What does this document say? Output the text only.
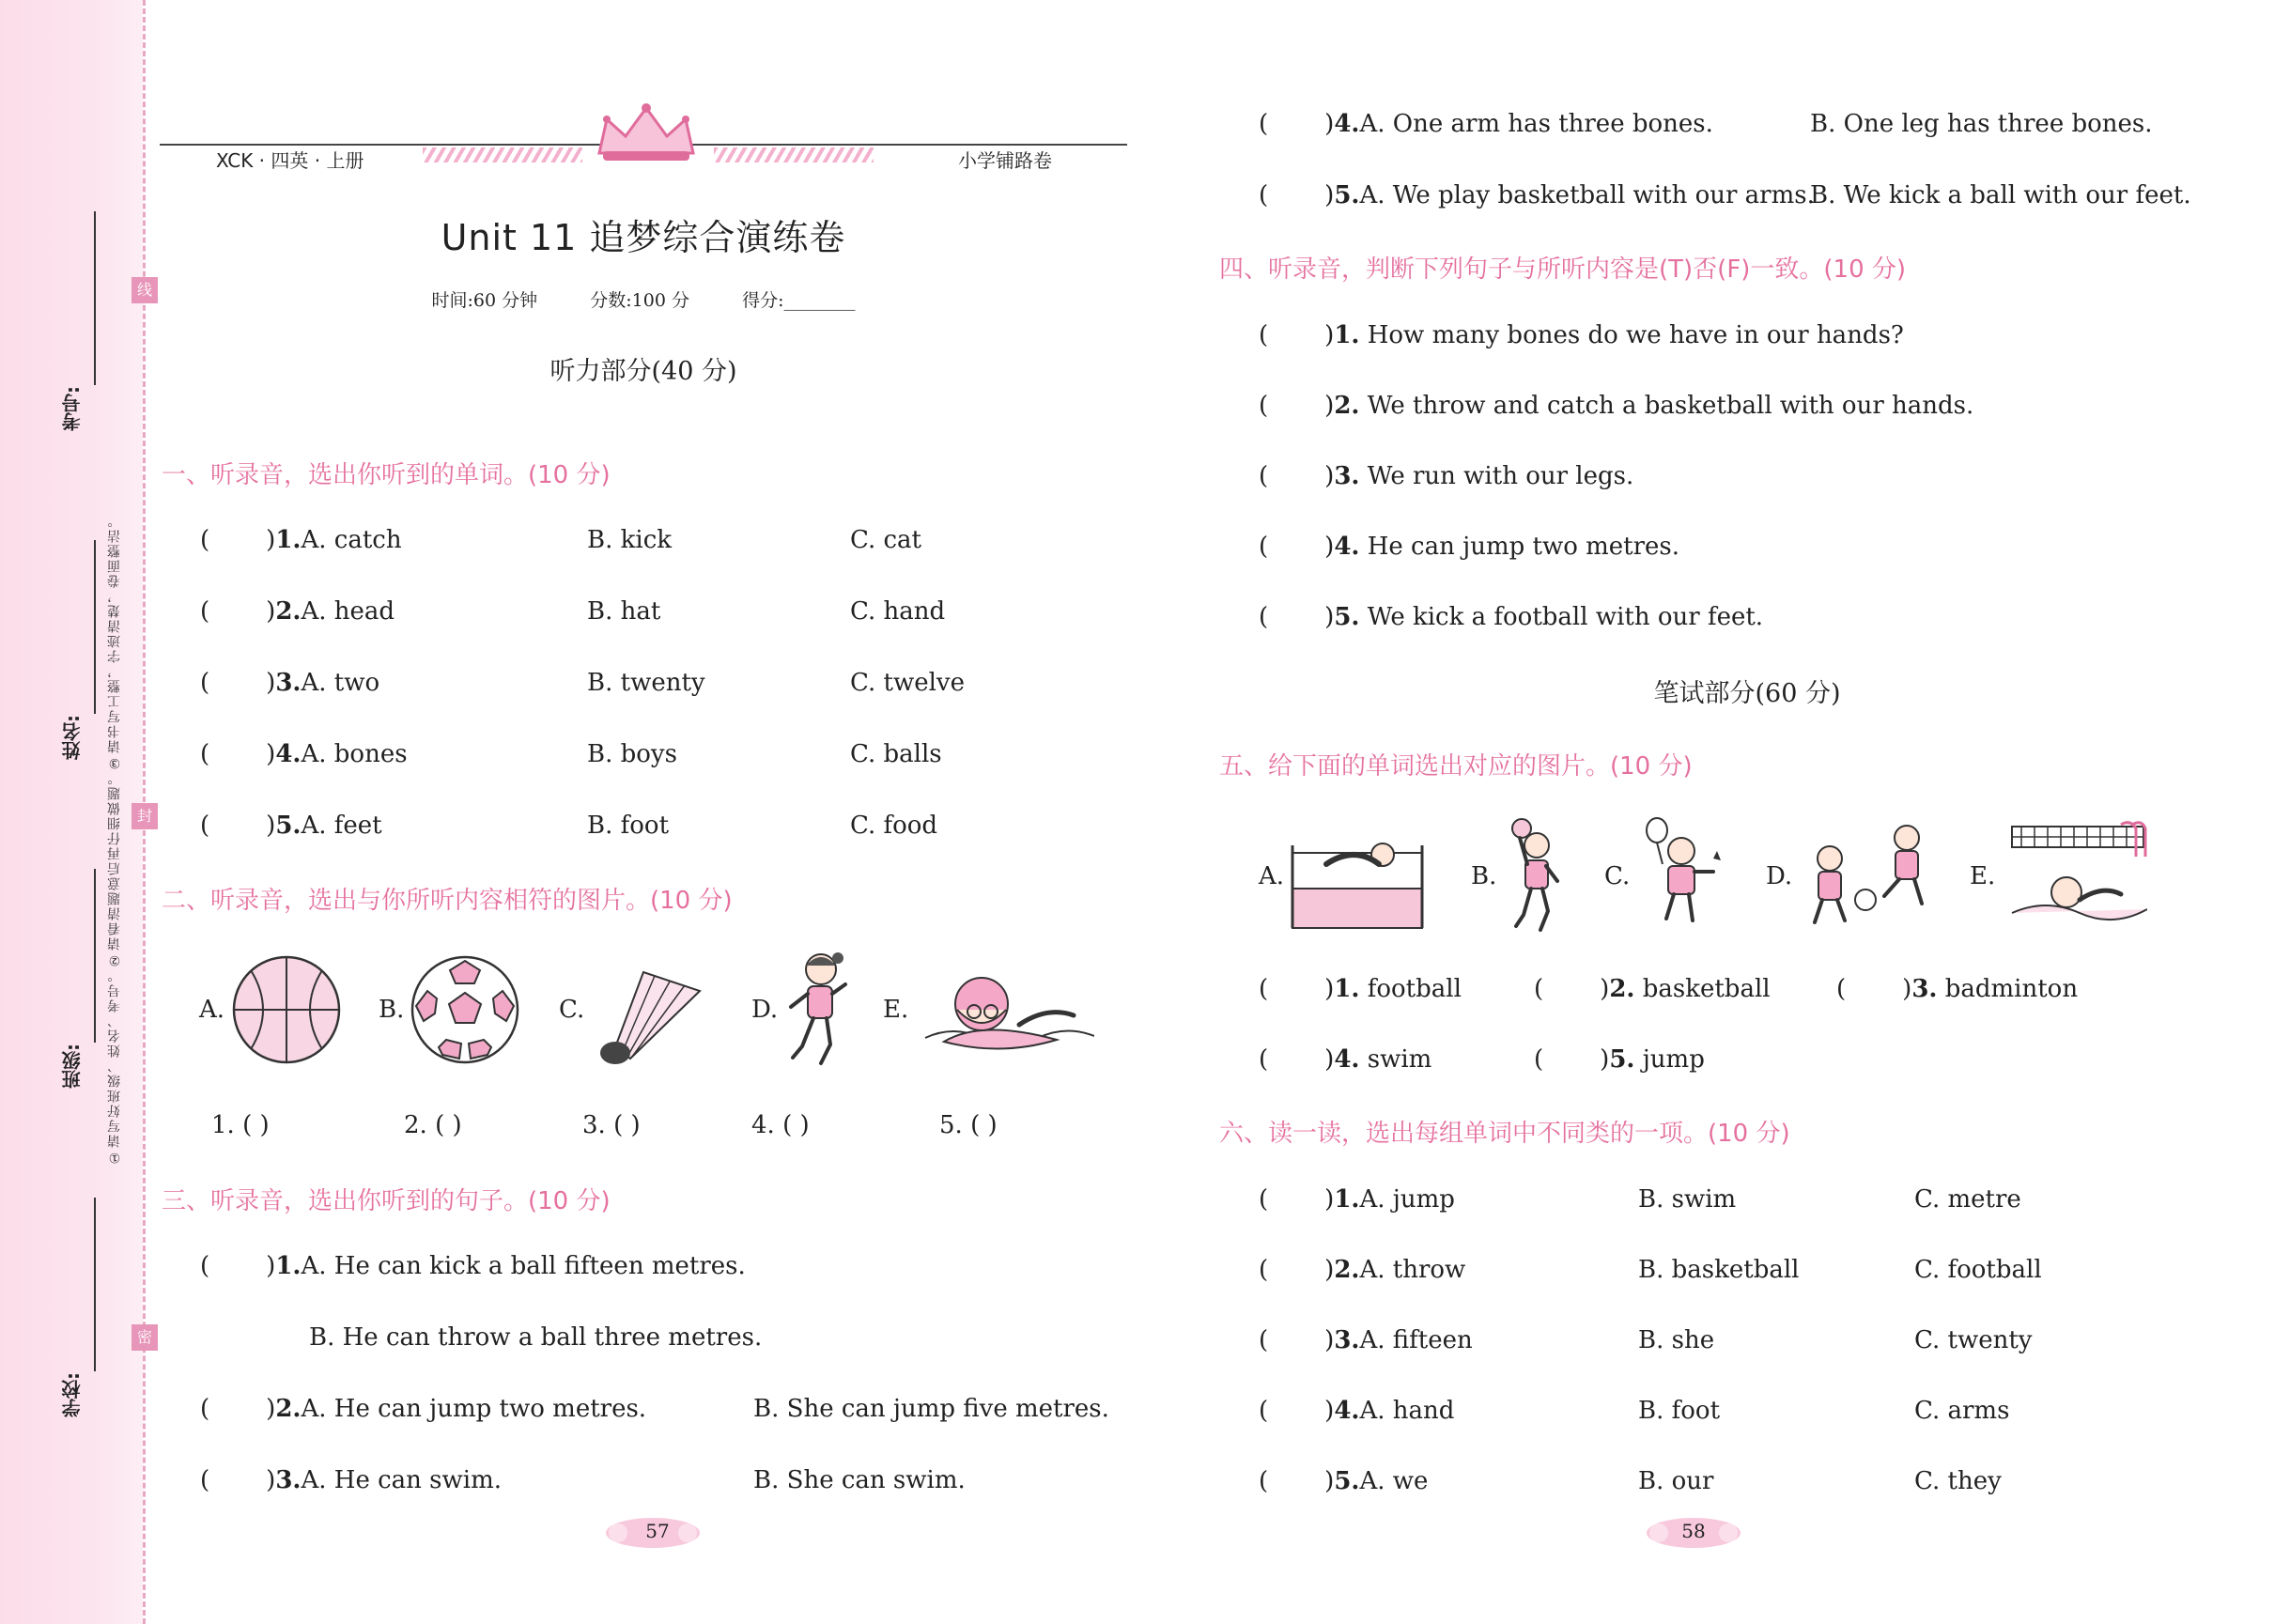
考号:
姓名:
班级:
学校:
①请写好班级、姓名、考号。②请看清题意后再仔细做题。③请书写工整，字迹清楚，卷面整洁。
线
封
密
XCK · 四英 · 上册	小学铺路卷
Unit 11 追梦综合演练卷
时间:60 分钟	分数:100 分	得分:________
听力部分(40 分)
一、听录音，选出你听到的单词。(10 分)
( )1.A. catch	B. kick	C. cat
( )2.A. head	B. hat	C. hand
( )3.A. two	B. twenty	C. twelve
( )4.A. bones	B. boys	C. balls
( )5.A. feet	B. foot	C. food
二、听录音，选出与你所听内容相符的图片。(10 分)
A.	B.	C.	D.	E.
1. ( )	2. ( )	3. ( )	4. ( )	5. ( )
三、听录音，选出你听到的句子。(10 分)
( )1.A. He can kick a ball fifteen metres.
B. He can throw a ball three metres.
( )2.A. He can jump two metres.	B. She can jump five metres.
( )3.A. He can swim.	B. She can swim.
57
( )4.A. One arm has three bones.	B. One leg has three bones.
( )5.A. We play basketball with our arms.
B. We kick a ball with our feet.
四、听录音，判断下列句子与所听内容是(T)否(F)一致。(10 分)
( )1. How many bones do we have in our hands?
( )2. We throw and catch a basketball with our hands.
( )3. We run with our legs.
( )4. He can jump two metres.
( )5. We kick a football with our feet.
笔试部分(60 分)
五、给下面的单词选出对应的图片。(10 分)
A.	B.	C.	D.	E.
( )1. football	( )2. basketball	( )3. badminton
( )4. swim	( )5. jump
六、读一读，选出每组单词中不同类的一项。(10 分)
( )1.A. jump	B. swim	C. metre
( )2.A. throw	B. basketball	C. football
( )3.A. fifteen	B. she	C. twenty
( )4.A. hand	B. foot	C. arms
( )5.A. we	B. our	C. they
58
